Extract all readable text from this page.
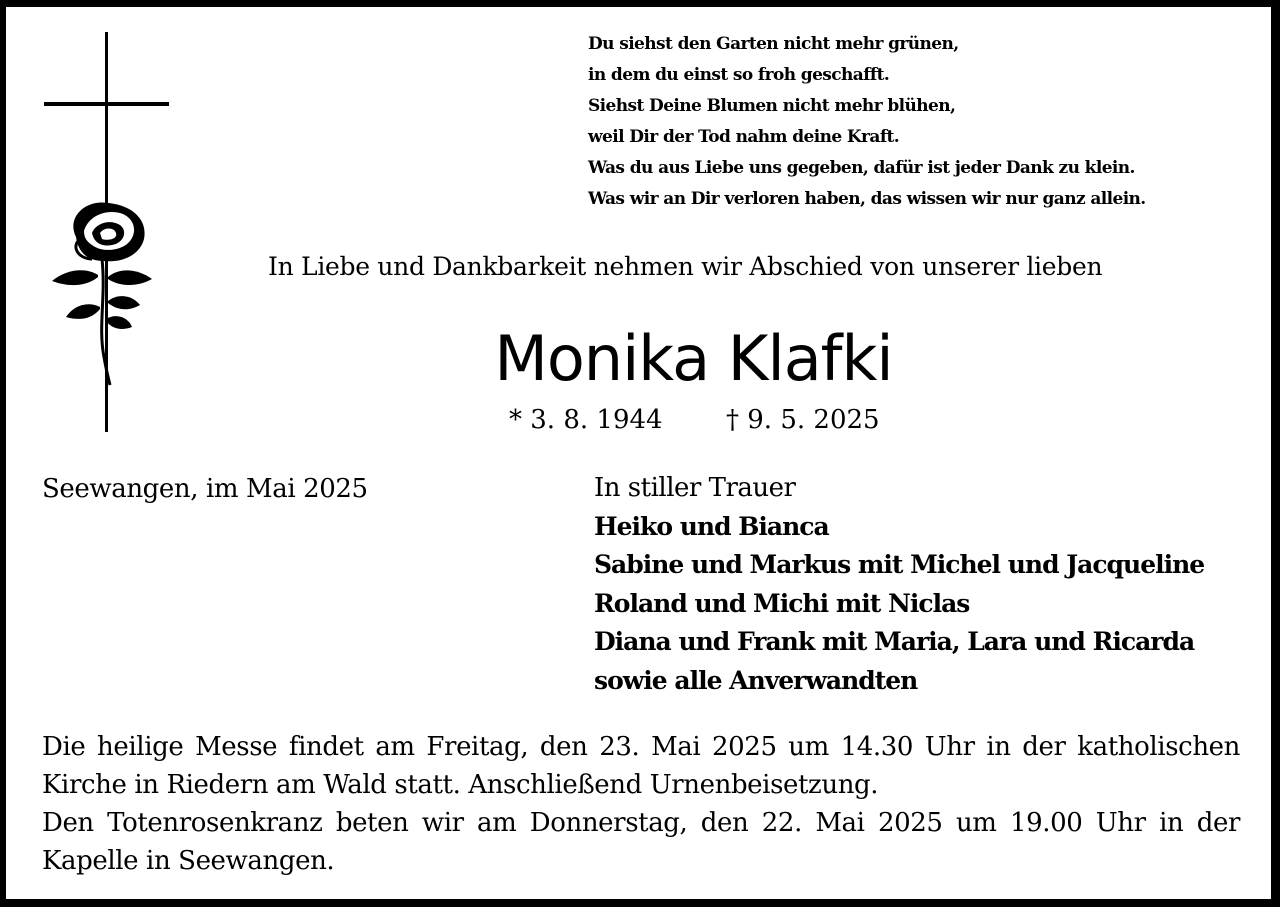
Du siehst den Garten nicht mehr grünen,
in dem du einst so froh geschafft.
Siehst Deine Blumen nicht mehr blühen,
weil Dir der Tod nahm deine Kraft.
Was du aus Liebe uns gegeben, dafür ist jeder Dank zu klein.
Was wir an Dir verloren haben, das wissen wir nur ganz allein.
In Liebe und Dankbarkeit nehmen wir Abschied von unserer lieben
Monika Klafki
* 3. 8. 1944 † 9. 5. 2025
Seewangen, im Mai 2025	In stiller Trauer
Heiko und Bianca
Sabine und Markus mit Michel und Jacqueline
Roland und Michi mit Niclas
Diana und Frank mit Maria, Lara und Ricarda
sowie alle Anverwandten

Die heilige Messe findet am Freitag, den 23. Mai 2025 um 14.30 Uhr in der katholischen Kirche in Riedern am Wald statt. Anschließend Urnenbeisetzung.

Den Totenrosenkranz beten wir am Donnerstag, den 22. Mai 2025 um 19.00 Uhr in der Kapelle in Seewangen.
